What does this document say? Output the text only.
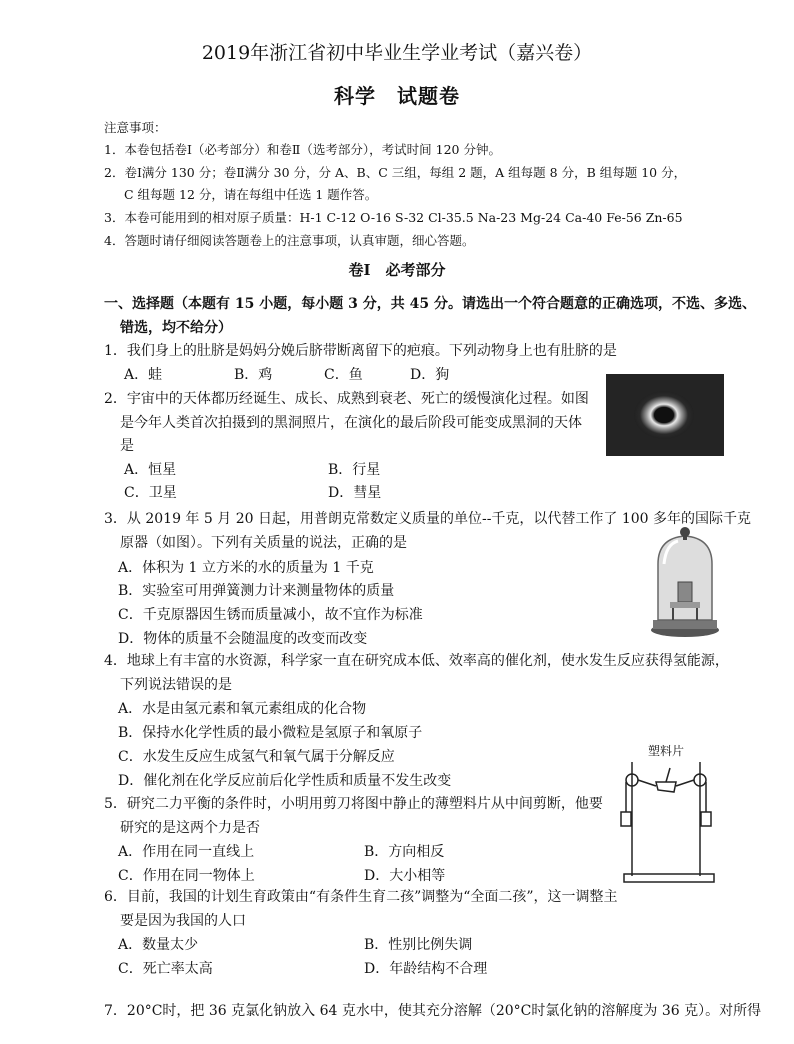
2019年浙江省初中毕业生学业考试（嘉兴卷）
科学　试题卷
注意事项：
1．本卷包括卷Ⅰ（必考部分）和卷Ⅱ（选考部分），考试时间 120 分钟。
2．卷Ⅰ满分 130 分；卷Ⅱ满分 30 分，分 A、B、C 三组，每组 2 题，A 组每题 8 分，B 组每题 10 分，
C 组每题 12 分，请在每组中任选 1 题作答。
3．本卷可能用到的相对原子质量：H-1 C-12 O-16 S-32 Cl-35.5 Na-23 Mg-24 Ca-40 Fe-56 Zn-65
4．答题时请仔细阅读答题卷上的注意事项，认真审题，细心答题。
卷Ⅰ　必考部分
一、选择题（本题有 15 小题，每小题 3 分，共 45 分。请选出一个符合题意的正确选项，不选、多选、
错选，均不给分）
1．我们身上的肚脐是妈妈分娩后脐带断离留下的疤痕。下列动物身上也有肚脐的是
A．蛙	B．鸡	C．鱼	D．狗
2．宇宙中的天体都历经诞生、成长、成熟到衰老、死亡的缓慢演化过程。如图
是今年人类首次拍摄到的黑洞照片，在演化的最后阶段可能变成黑洞的天体
是
A．恒星	B．行星
C．卫星	D．彗星
3．从 2019 年 5 月 20 日起，用普朗克常数定义质量的单位--千克，以代替工作了 100 多年的国际千克
原器（如图）。下列有关质量的说法，正确的是
A．体积为 1 立方米的水的质量为 1 千克
B．实验室可用弹簧测力计来测量物体的质量
C．千克原器因生锈而质量减小，故不宜作为标准
D．物体的质量不会随温度的改变而改变
4．地球上有丰富的水资源，科学家一直在研究成本低、效率高的催化剂，使水发生反应获得氢能源，
下列说法错误的是
A．水是由氢元素和氧元素组成的化合物
B．保持水化学性质的最小微粒是氢原子和氧原子
C．水发生反应生成氢气和氧气属于分解反应
D．催化剂在化学反应前后化学性质和质量不发生改变
5．研究二力平衡的条件时，小明用剪刀将图中静止的薄塑料片从中间剪断，他要
研究的是这两个力是否
A．作用在同一直线上	B．方向相反
C．作用在同一物体上	D．大小相等
塑料片
6．目前，我国的计划生育政策由“有条件生育二孩”调整为“全面二孩”，这一调整主
要是因为我国的人口
A．数量太少	B．性别比例失调
C．死亡率太高	D．年龄结构不合理
7．20°C时，把 36 克氯化钠放入 64 克水中，使其充分溶解（20°C时氯化钠的溶解度为 36 克）。对所得
